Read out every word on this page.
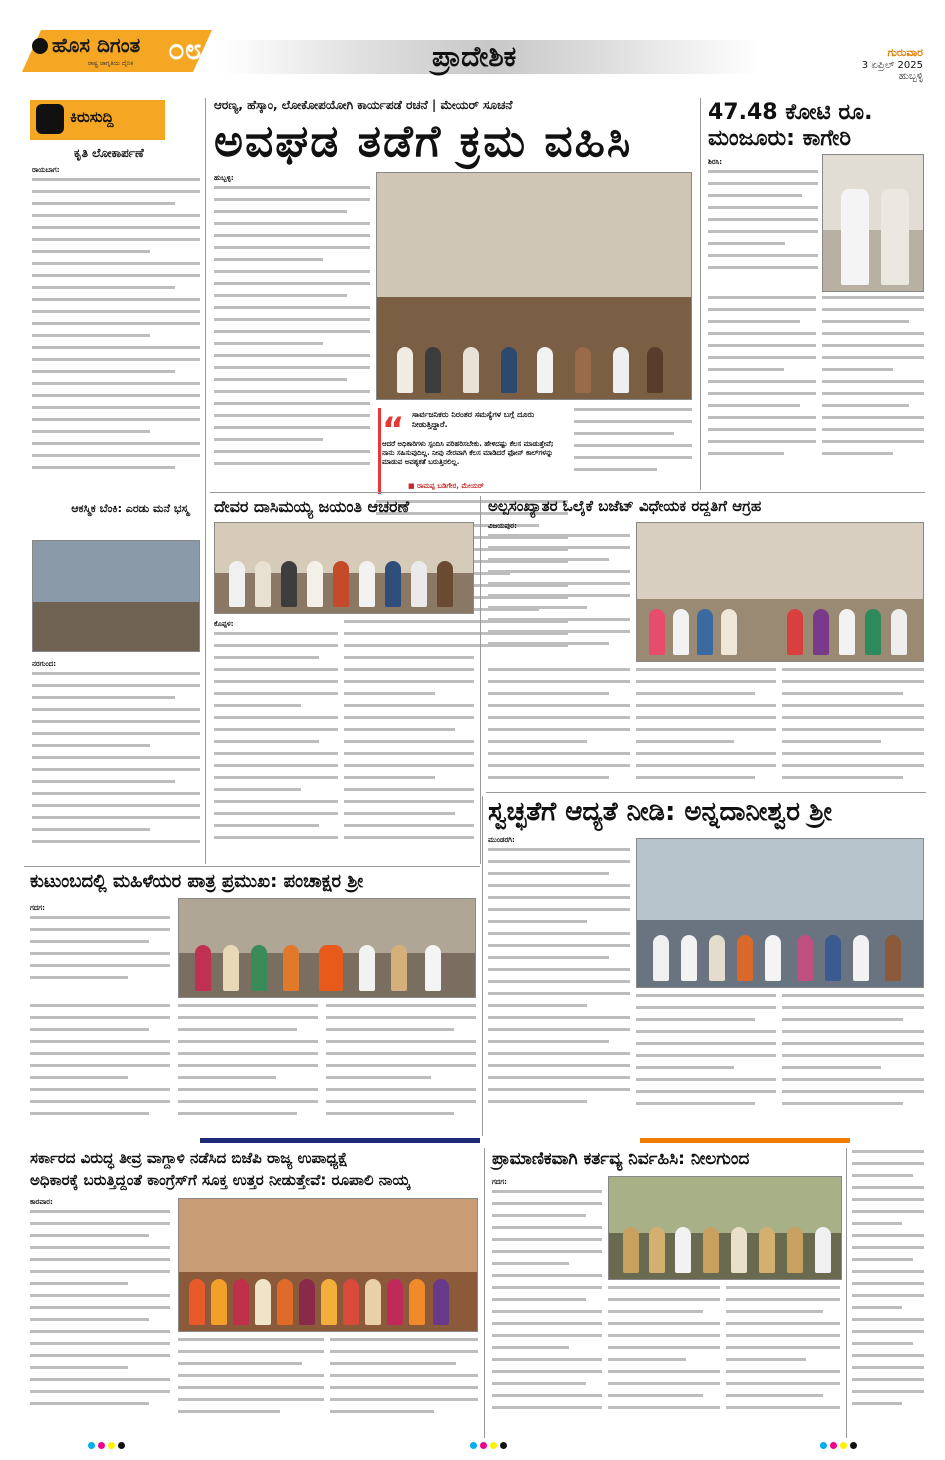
ಹೊಸ ದಿಗಂತ
ರಾಷ್ಟ್ರ ಜಾಗೃತಿಯ ದೈನಿಕ ೦೮	ಪ್ರಾದೇಶಿಕ	ಗುರುವಾರ
3 ಏಪ್ರಿಲ್ 2025
ಹುಬ್ಬಳ್ಳಿ
ಕಿರುಸುದ್ದಿ
ಕೃತಿ ಲೋಕಾರ್ಪಣೆ
ರಾಯಬಾಗ:
ಆಕಸ್ಮಿಕ ಬೆಂಕಿ: ಎರಡು ಮನೆ ಭಸ್ಮ
ನರಗುಂದ:
ಆರಣ್ಯ, ಹೆಸ್ಕಾಂ, ಲೋಕೋಪಯೋಗಿ ಕಾರ್ಯಪಡೆ ರಚನೆ | ಮೇಯರ್ ಸೂಚನೆ
ಅವಘಡ ತಡೆಗೆ ಕ್ರಮ ವಹಿಸಿ
ಹುಬ್ಬಳ್ಳಿ:
“ ಸಾರ್ವಜನಿಕರು ನಿರಂತರ ಸಮಸ್ಯೆಗಳ ಬಗ್ಗೆ ದೂರು ನೀಡುತ್ತಿದ್ದಾರೆ.
ಆದರೆ ಅಧಿಕಾರಿಗಳು ಸ್ಪಂದಿಸಿ ಪರಿಹರಿಸಬೇಕು. ಹೇಳಿದಷ್ಟು ಕೆಲಸ ಮಾಡುತ್ತೇವೆ; ನಾನು ಸಹಿಸುವುದಿಲ್ಲ. ನೀವು ನೇರವಾಗಿ ಕೆಲಸ ಮಾಡಿದರೆ ಫೋನ್ ಕಾಲ್‌ಗಳನ್ನು ಮಾಡುವ ಅವಶ್ಯಕತೆ ಬರುತ್ತಿರಲಿಲ್ಲ.
■ ರಾಮಪ್ಪ ಬಡಿಗೇರ, ಮೇಯರ್
47.48 ಕೋಟಿ ರೂ.
ಮಂಜೂರು: ಕಾಗೇರಿ
ಶಿರಸಿ:
ದೇವರ ದಾಸಿಮಯ್ಯ ಜಯಂತಿ ಆಚರಣೆ
ಕೊಪ್ಪಳ:
ಅಲ್ಪಸಂಖ್ಯಾತರ ಓಲೈಕೆ ಬಜೆಟ್ ವಿಧೇಯಕ ರದ್ದತಿಗೆ ಆಗ್ರಹ
ವಿಜಯಪುರ:
ಸ್ವಚ್ಛತೆಗೆ ಆದ್ಯತೆ ನೀಡಿ: ಅನ್ನದಾನೀಶ್ವರ ಶ್ರೀ
ಮುಂಡರಗಿ:
ಕುಟುಂಬದಲ್ಲಿ ಮಹಿಳೆಯರ ಪಾತ್ರ ಪ್ರಮುಖ: ಪಂಚಾಕ್ಷರ ಶ್ರೀ
ಗದಗ:
ಸರ್ಕಾರದ ವಿರುದ್ಧ ತೀವ್ರ ವಾಗ್ದಾಳಿ ನಡೆಸಿದ ಬಿಜೆಪಿ ರಾಜ್ಯ ಉಪಾಧ್ಯಕ್ಷೆ
ಅಧಿಕಾರಕ್ಕೆ ಬರುತ್ತಿದ್ದಂತೆ ಕಾಂಗ್ರೆಸ್‌ಗೆ ಸೂಕ್ತ ಉತ್ತರ ನೀಡುತ್ತೇವೆ: ರೂಪಾಲಿ ನಾಯ್ಕ
ಕಾರವಾರ:
ಪ್ರಾಮಾಣಿಕವಾಗಿ ಕರ್ತವ್ಯ ನಿರ್ವಹಿಸಿ: ನೀಲಗುಂದ
ಗದಗ:
